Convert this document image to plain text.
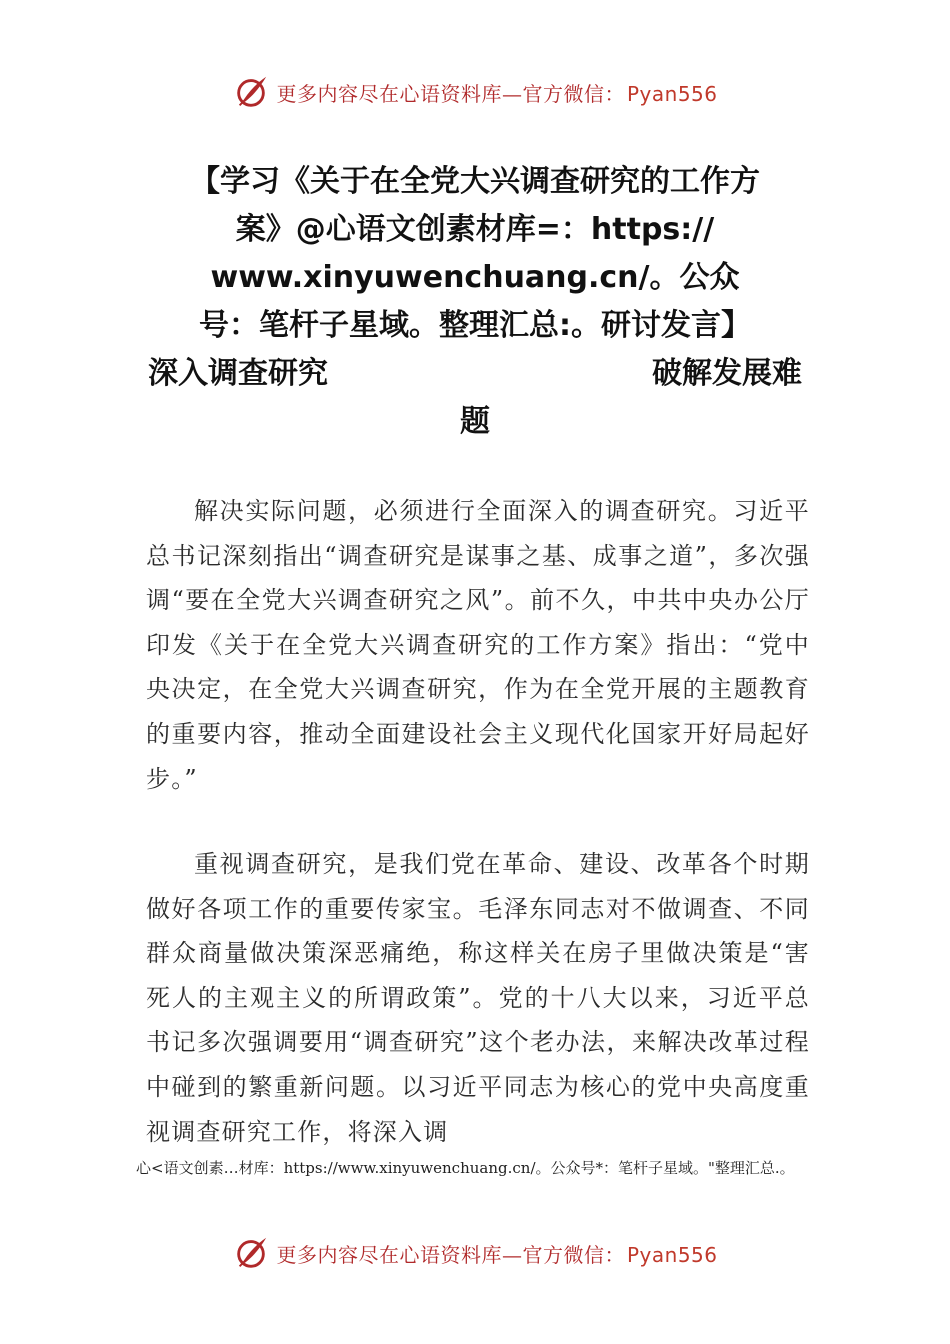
更多内容尽在心语资料库—官方微信： Pyan556
【学习《关于在全党大兴调查研究的工作方
案》@心语文创素材库=：https://
www.xinyuwenchuang.cn/。公众
号：笔杆子星域。整理汇总:。研讨发言】
深入调查研究	破解发展难
题

解决实际问题，必须进行全面深入的调查研究。习近平总书记深刻指出“调查研究是谋事之基、成事之道”，多次强调“要在全党大兴调查研究之风”。前不久，中共中央办公厅印发《关于在全党大兴调查研究的工作方案》指出：“党中央决定，在全党大兴调查研究，作为在全党开展的主题教育的重要内容，推动全面建设社会主义现代化国家开好局起好步。”

重视调查研究，是我们党在革命、建设、改革各个时期做好各项工作的重要传家宝。毛泽东同志对不做调查、不同群众商量做决策深恶痛绝，称这样关在房子里做决策是“害死人的主观主义的所谓政策”。党的十八大以来，习近平总书记多次强调要用“调查研究”这个老办法，来解决改革过程中碰到的繁重新问题。以习近平同志为核心的党中央高度重视调查研究工作，将深入调

心<语文创素…材库：https://www.xinyuwenchuang.cn/。公众号*：笔杆子星域。"整理汇总.。
更多内容尽在心语资料库—官方微信： Pyan556
